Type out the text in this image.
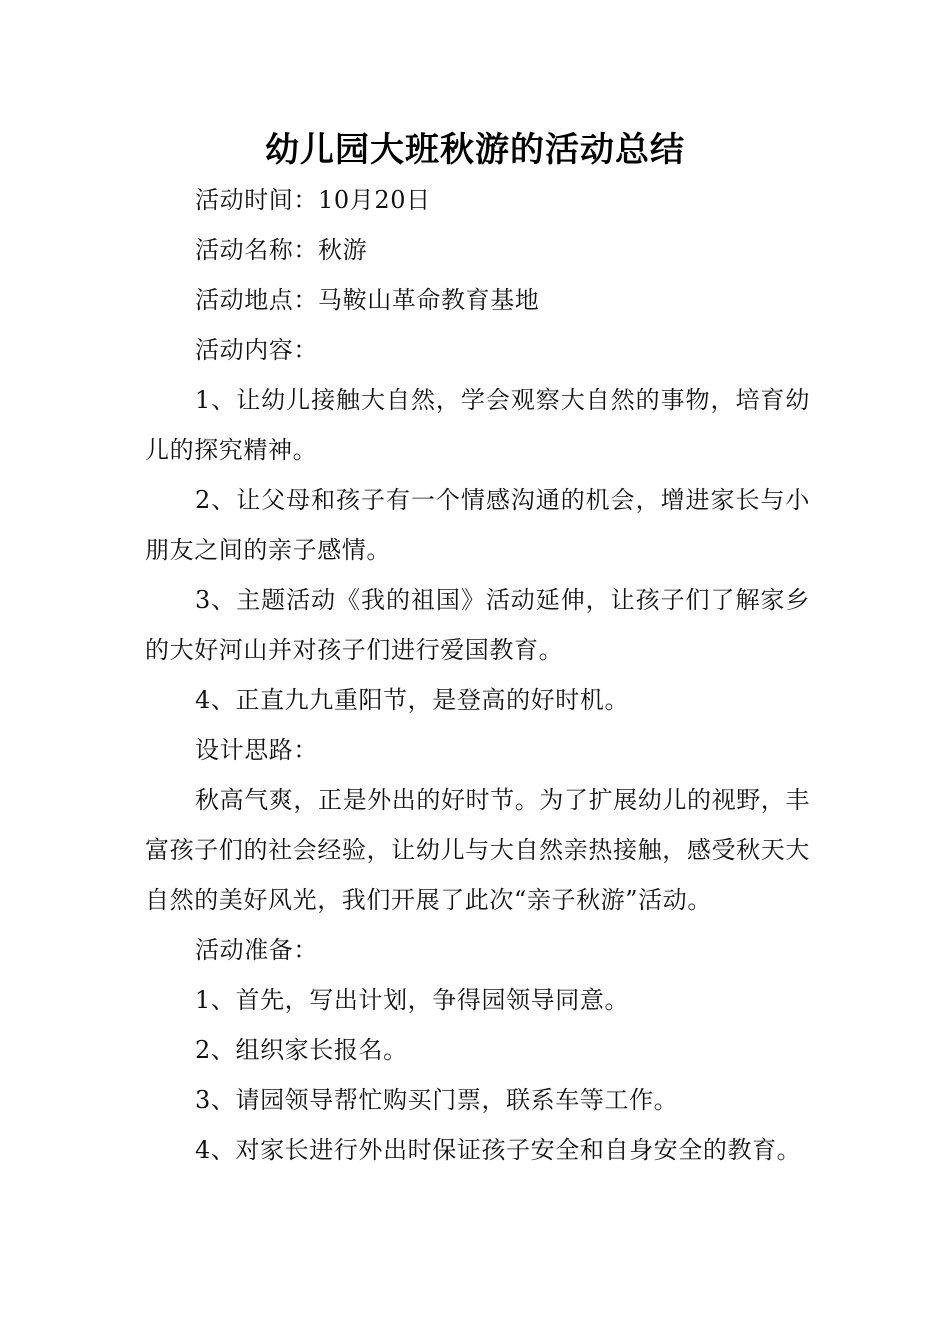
幼儿园大班秋游的活动总结

活动时间：10月20日

活动名称：秋游

活动地点：马鞍山革命教育基地

活动内容：

1、让幼儿接触大自然，学会观察大自然的事物，培育幼儿的探究精神。

2、让父母和孩子有一个情感沟通的机会，增进家长与小朋友之间的亲子感情。

3、主题活动《我的祖国》活动延伸，让孩子们了解家乡的大好河山并对孩子们进行爱国教育。

4、正直九九重阳节，是登高的好时机。

设计思路：

秋高气爽，正是外出的好时节。为了扩展幼儿的视野，丰富孩子们的社会经验，让幼儿与大自然亲热接触，感受秋天大自然的美好风光，我们开展了此次“亲子秋游”活动。

活动准备：

1、首先，写出计划，争得园领导同意。

2、组织家长报名。

3、请园领导帮忙购买门票，联系车等工作。

4、对家长进行外出时保证孩子安全和自身安全的教育。
